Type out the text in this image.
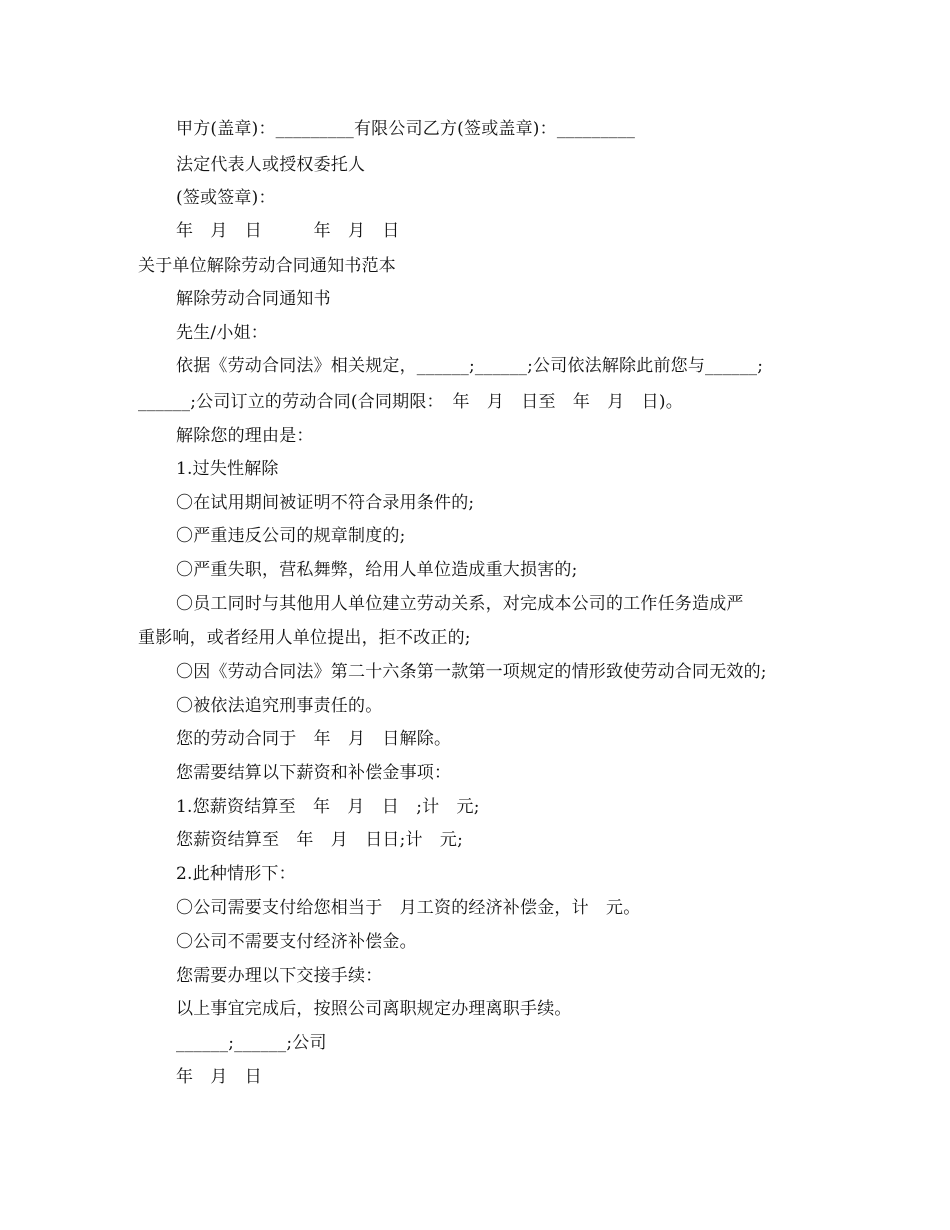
甲方(盖章)：_________有限公司乙方(签或盖章)：_________
法定代表人或授权委托人
(签或签章)：
年　月　日　　　年　月　日
关于单位解除劳动合同通知书范本
解除劳动合同通知书
先生/小姐：
依据《劳动合同法》相关规定，______;______;公司依法解除此前您与______;
______;公司订立的劳动合同(合同期限：　年　月　日至　年　月　日)。
解除您的理由是：
1.过失性解除
〇在试用期间被证明不符合录用条件的;
〇严重违反公司的规章制度的;
〇严重失职，营私舞弊，给用人单位造成重大损害的;
〇员工同时与其他用人单位建立劳动关系，对完成本公司的工作任务造成严
重影响，或者经用人单位提出，拒不改正的;
〇因《劳动合同法》第二十六条第一款第一项规定的情形致使劳动合同无效的;
〇被依法追究刑事责任的。
您的劳动合同于　年　月　日解除。
您需要结算以下薪资和补偿金事项：
1.您薪资结算至　年　月　日　;计　元;
您薪资结算至　年　月　日日;计　元;
2.此种情形下：
〇公司需要支付给您相当于　月工资的经济补偿金，计　元。
〇公司不需要支付经济补偿金。
您需要办理以下交接手续：
以上事宜完成后，按照公司离职规定办理离职手续。
______;______;公司
年　月　日
